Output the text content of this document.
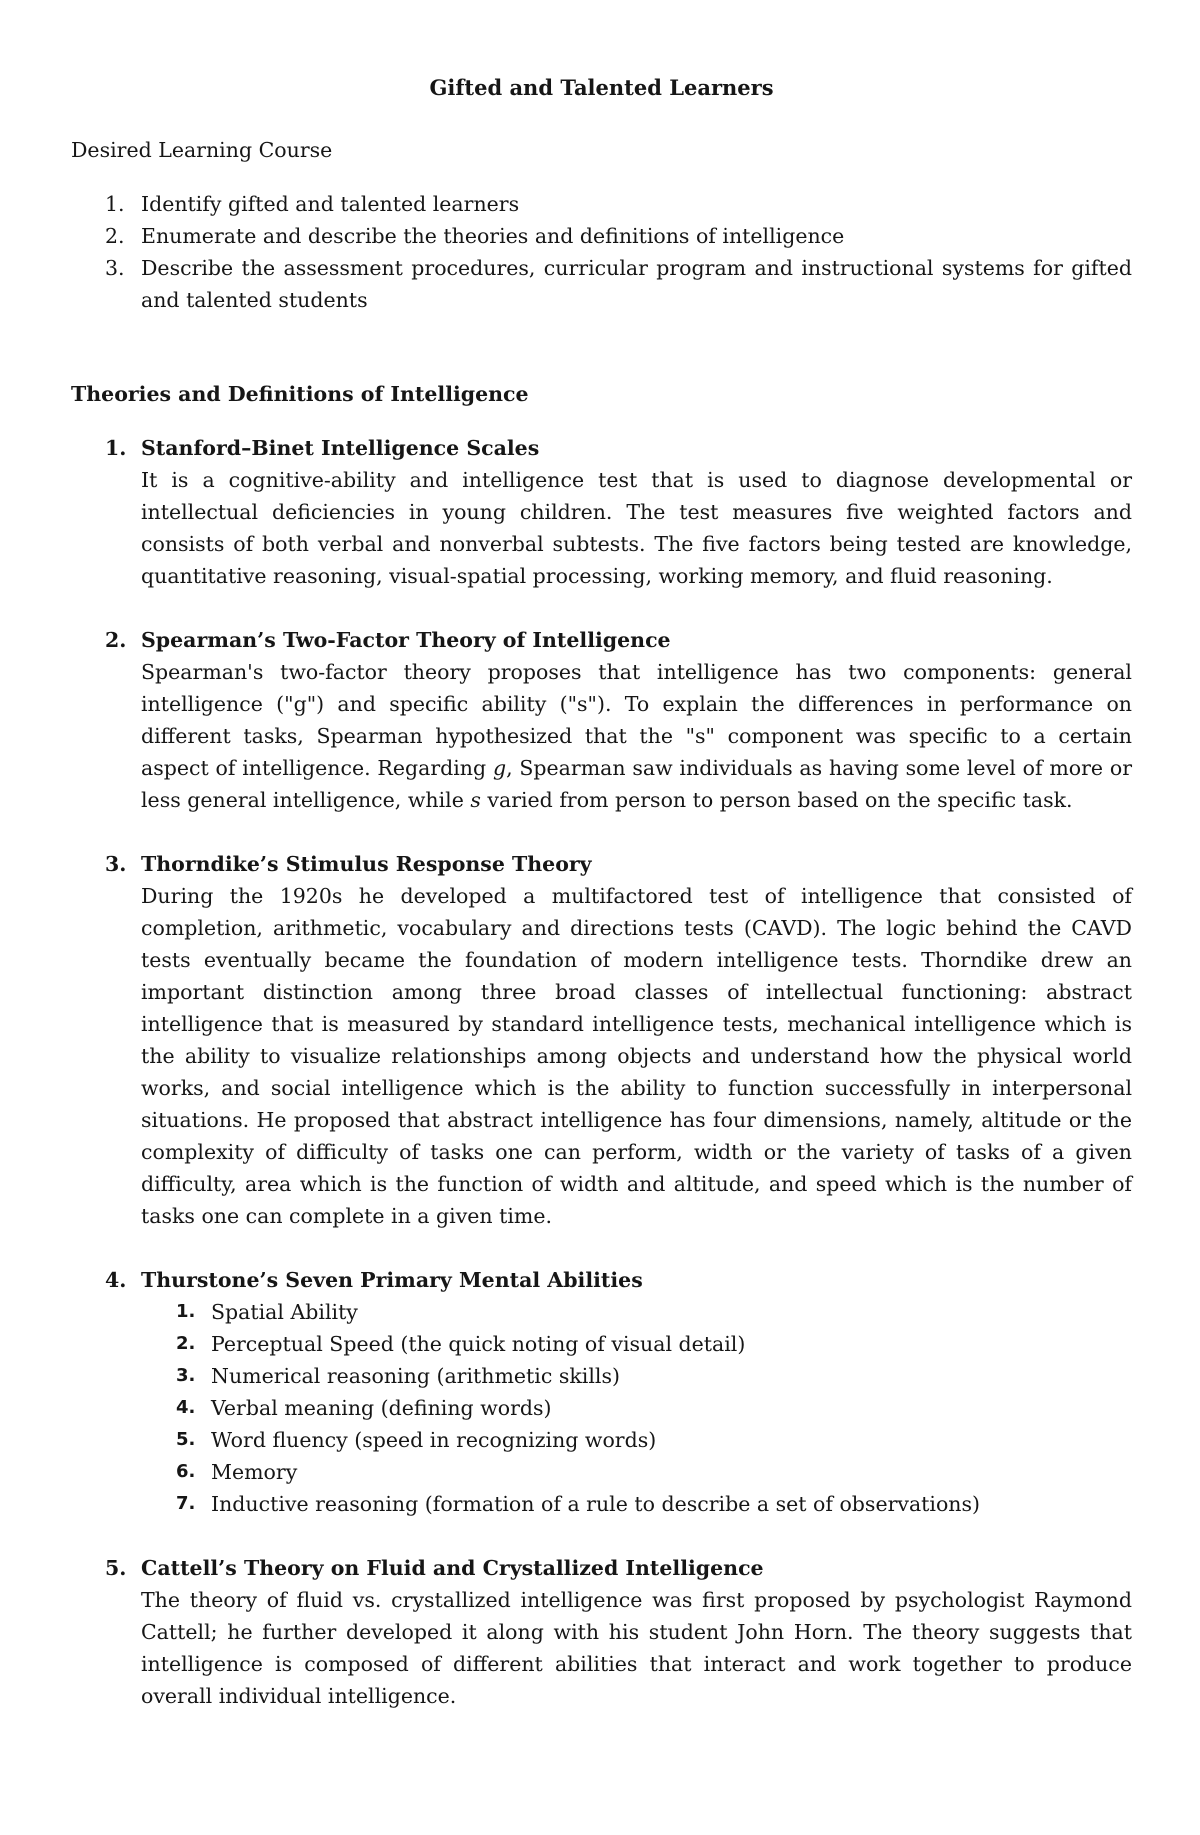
Gifted and Talented Learners

Desired Learning Course

1. Identify gifted and talented learners
2. Enumerate and describe the theories and definitions of intelligence
3. Describe the assessment procedures, curricular program and instructional systems for gifted and talented students
Theories and Definitions of Intelligence
1. Stanford–Binet Intelligence Scales
It is a cognitive-ability and intelligence test that is used to diagnose developmental or intellectual deficiencies in young children. The test measures five weighted factors and consists of both verbal and nonverbal subtests. The five factors being tested are knowledge, quantitative reasoning, visual-spatial processing, working memory, and fluid reasoning.
2. Spearman’s Two-Factor Theory of Intelligence
Spearman's two-factor theory proposes that intelligence has two components: general intelligence ("g") and specific ability ("s"). To explain the differences in performance on different tasks, Spearman hypothesized that the "s" component was specific to a certain aspect of intelligence. Regarding g, Spearman saw individuals as having some level of more or less general intelligence, while s varied from person to person based on the specific task.
3. Thorndike’s Stimulus Response Theory
During the 1920s he developed a multifactored test of intelligence that consisted of completion, arithmetic, vocabulary and directions tests (CAVD). The logic behind the CAVD tests eventually became the foundation of modern intelligence tests. Thorndike drew an important distinction among three broad classes of intellectual functioning: abstract intelligence that is measured by standard intelligence tests, mechanical intelligence which is the ability to visualize relationships among objects and understand how the physical world works, and social intelligence which is the ability to function successfully in interpersonal situations. He proposed that abstract intelligence has four dimensions, namely, altitude or the complexity of difficulty of tasks one can perform, width or the variety of tasks of a given difficulty, area which is the function of width and altitude, and speed which is the number of tasks one can complete in a given time.
4. Thurstone’s Seven Primary Mental Abilities
1. Spatial Ability
2. Perceptual Speed (the quick noting of visual detail)
3. Numerical reasoning (arithmetic skills)
4. Verbal meaning (defining words)
5. Word fluency (speed in recognizing words)
6. Memory
7. Inductive reasoning (formation of a rule to describe a set of observations)
5. Cattell’s Theory on Fluid and Crystallized Intelligence
The theory of fluid vs. crystallized intelligence was first proposed by psychologist Raymond Cattell; he further developed it along with his student John Horn. The theory suggests that intelligence is composed of different abilities that interact and work together to produce overall individual intelligence.
